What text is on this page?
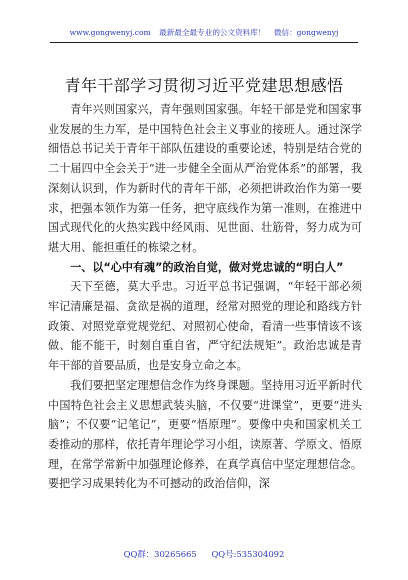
www.gongwenyj.com 最新最全最专业的公文资料库！ 微信：gongwenyj
青年干部学习贯彻习近平党建思想感悟

青年兴则国家兴，青年强则国家强。年轻干部是党和国家事业发展的生力军，是中国特色社会主义事业的接班人。通过深学细悟总书记关于青年干部队伍建设的重要论述，特别是结合党的二十届四中全会关于“进一步健全全面从严治党体系”的部署，我深刻认识到，作为新时代的青年干部，必须把讲政治作为第一要求，把强本领作为第一任务，把守底线作为第一准则，在推进中国式现代化的火热实践中经风雨、见世面、壮筋骨，努力成为可堪大用、能担重任的栋梁之材。

一、以“心中有魂”的政治自觉，做对党忠诚的“明白人”

天下至德，莫大乎忠。习近平总书记强调，“年轻干部必须牢记清廉是福、贪欲是祸的道理，经常对照党的理论和路线方针政策、对照党章党规党纪、对照初心使命，看清一些事情该不该做、能不能干，时刻自重自省，严守纪法规矩”。政治忠诚是青年干部的首要品质，也是安身立命之本。

我们要把坚定理想信念作为终身课题。坚持用习近平新时代中国特色社会主义思想武装头脑，不仅要“进课堂”，更要“进头脑”；不仅要“记笔记”，更要“悟原理”。要像中央和国家机关工委推动的那样，依托青年理论学习小组，读原著、学原文、悟原理，在常学常新中加强理论修养，在真学真信中坚定理想信念。要把学习成果转化为不可撼动的政治信仰，深

QQ群：30265665 QQ号:535304092
